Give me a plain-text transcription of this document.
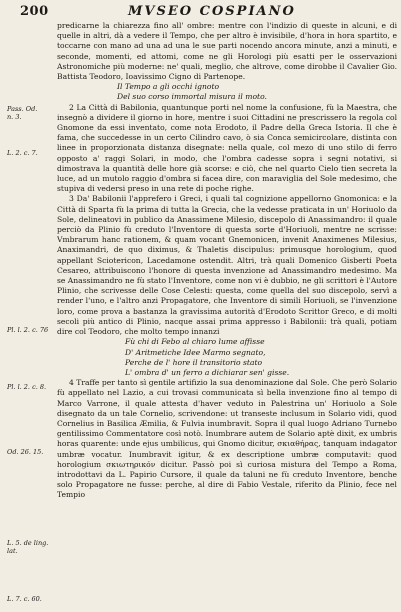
200	MVSEO COSPIANO
Pass. Od.
n. 3.
L. 2. c. 7.
Pl. l. 2. c. 76
Pl. l. 2. c. 8.
Od. 26. 15.
L. 5. de ling.
lat.
L. 7. c. 60.

predicarne la chiarezza fino all' ombre: mentre con l'indizio di queste in alcuni, e di quelle in altri, dà a vedere il Tempo, che per altro è invisibile, d'hora in hora spartito, e toccarne con mano ad una ad una le sue parti nocendo ancora minute, anzi a minuti, e seconde, momenti, ed attomi, come ne gli Horologi più esatti per le osservazioni Astronomiche più moderne: ne' quali, meglio, che altrove, come dirobbe il Cavalier Gio. Battista Teodoro, Ioavissimo Cigno di Partenope.

Il Tempo a gli occhi ignoto
Del suo corso immortal misura il moto.

2 La Città di Babilonia, quantunque porti nel nome la confusione, fù la Maestra, che insegnò a dividere il giorno in hore, mentre i suoi Cittadini ne prescrissero la regola col Gnomone da essi inventato, come nota Erodoto, il Padre della Greca Istoria. Il che è fama, che succedesse in un certo Cilindro cavo, ò sia Conca semicircolare, distinta con linee in proporzionata distanza disegnate: nella quale, col mezo di uno stilo di ferro opposto a' raggi Solari, in modo, che l'ombra cadesse sopra i segni notativi, si dimostrava la quantità delle hore già scorse: e ciò, che nel quarto Cielo tien secreta la luce, ad un mutolo raggio d'ombra si facea dire, con maraviglia del Sole medesimo, che stupiva di vedersi preso in una rete di poche righe.

3 Da' Babilonii l'apprefero i Greci, i quali tal cognizione appellorno Gnomonica: e la Città di Sparta fù la prima di tutta la Grecia, che la vedesse praticata in un' Horiuolo da Sole, delineatovi in publico da Anassimene Milesio, discepolo di Anassimandro: il quale perciò da Plinio fù creduto l'Inventore di questa sorte d'Horiuoli, mentre ne scrisse: Vmbrarum hanc rationem, & quam vocant Gnemonicen, invenit Anaximenes Milesius, Anaximandri, de quo diximus, & Thaletis discipulus: primusque horologium, quod appellant Sciotericon, Lacedamone ostendit. Altri, trà quali Domenico Gisberti Poeta Cesareo, attribuiscono l'honore di questa invenzione ad Anassimandro medesimo. Ma se Anassimandro ne fù stato l'Inventore, come non vi è dubbio, ne gli scrittori è l'Autore Plinio, che scrivesse delle Cose Celesti: questa, come quella del suo discepolo, servì a render l'uno, e l'altro anzi Propagatore, che Inventore di simili Horiuoli, se l'invenzione loro, come prova a bastanza la gravissima autorità d'Erodoto Scrittor Greco, e di molti secoli più antico di Plinio, nacque assai prima appresso i Babilonii: trà quali, potiam dire col Teodoro, che molto tempo innanzi

Fù chi di Febo al chiaro lume affisse
D' Aritmetiche Idee Marmo segnato,
Perche de l' hore il transitorio stato
L' ombra d' un ferro a dichiarar sen' gisse.

4 Traffe per tanto sì gentile artifizio la sua denominazione dal Sole. Che però Solario fù appellato nel Lazio, a cui trovasi communicata sì bella invenzione fino al tempo di Marco Varrone, il quale attesta d'haver veduto in Palestrina un' Horiuolo a Sole disegnato da un tale Cornelio, scrivendone: ut transeste inclusum in Solario vidi, quod Cornelius in Basilica Æmilia, & Fulvia inumbravit. Sopra il qual luogo Adriano Turnebo gentilissimo Commentatore così notò. Inumbrare autem de Solario aptè dixit, ex umbris horas quarente: unde ejus umbilicus, qui Gnomo dicitur, σκιαθήρας, tanquam indagator umbræ vocatur. Inumbravit igitur, & ex descriptione umbræ computavit: quod horologium σκιωτηρικόν dicitur. Passò poi sì curiosa mistura del Tempo a Roma, introdottavi da L. Papirio Cursore, il quale da taluni ne fù creduto Inventore, benche solo Propagatore ne fusse: perche, al dire di Fabio Vestale, riferito da Plinio, fece nel Tempio
